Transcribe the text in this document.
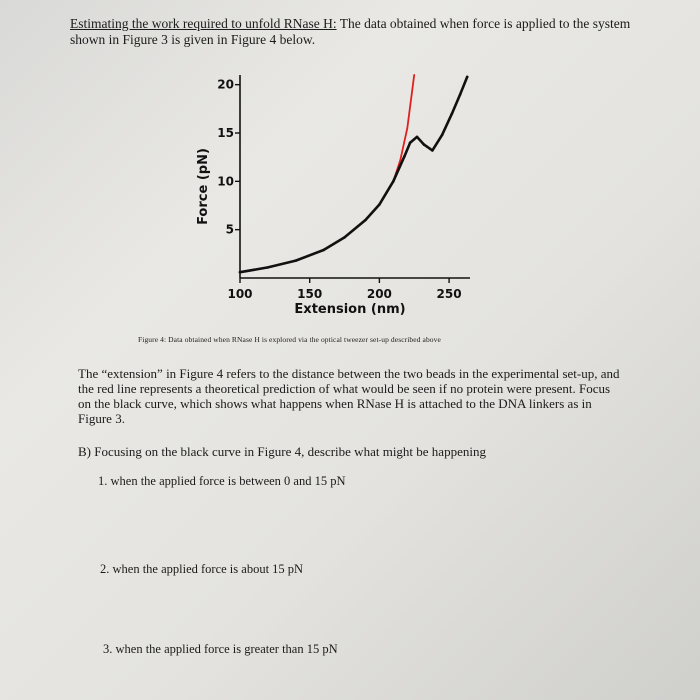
Estimating the work required to unfold RNase H: The data obtained when force is applied to the system shown in Figure 3 is given in Figure 4 below.
5
10
15
20
100	150	200	250
Extension (nm)
Force (pN)
Figure 4: Data obtained when RNase H is explored via the optical tweezer set-up described above
The “extension” in Figure 4 refers to the distance between the two beads in the experimental set-up, and the red line represents a theoretical prediction of what would be seen if no protein were present. Focus on the black curve, which shows what happens when RNase H is attached to the DNA linkers as in Figure 3.
B) Focusing on the black curve in Figure 4, describe what might be happening
1. when the applied force is between 0 and 15 pN
2. when the applied force is about 15 pN
3. when the applied force is greater than 15 pN
